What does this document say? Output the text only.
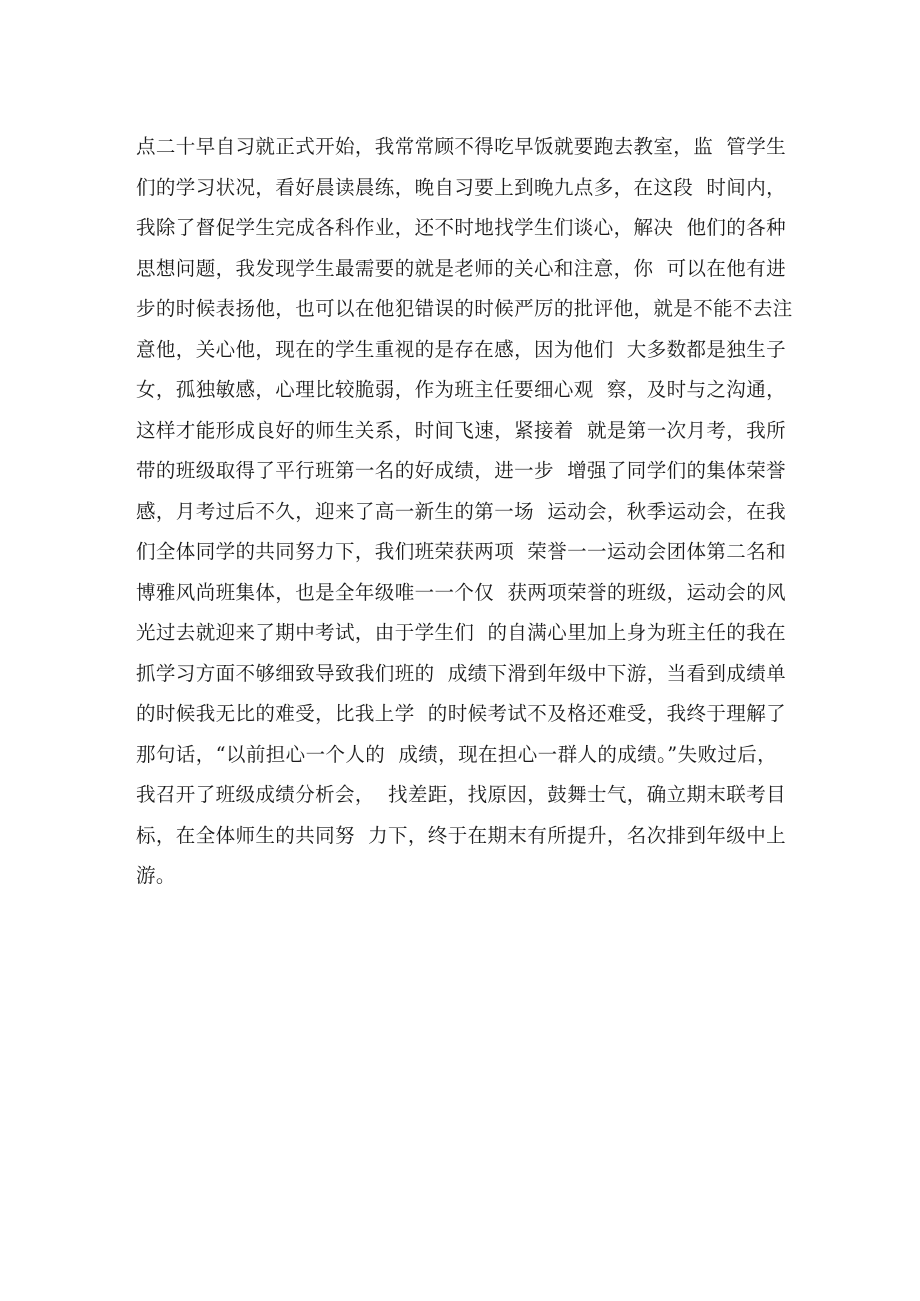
点二十早自习就正式开始，我常常顾不得吃早饭就要跑去教室，监  管学生
们的学习状况，看好晨读晨练，晚自习要上到晚九点多，在这段  时间内，
我除了督促学生完成各科作业，还不时地找学生们谈心，解决  他们的各种
思想问题，我发现学生最需要的就是老师的关心和注意，你  可以在他有进
步的时候表扬他，也可以在他犯错误的时候严厉的批评他，就是不能不去注
意他，关心他，现在的学生重视的是存在感，因为他们  大多数都是独生子
女，孤独敏感，心理比较脆弱，作为班主任要细心观  察，及时与之沟通，
这样才能形成良好的师生关系，时间飞速，紧接着  就是第一次月考，我所
带的班级取得了平行班第一名的好成绩，进一步  增强了同学们的集体荣誉
感，月考过后不久，迎来了高一新生的第一场  运动会，秋季运动会，在我
们全体同学的共同努力下，我们班荣获两项  荣誉一一运动会团体第二名和
博雅风尚班集体，也是全年级唯一一个仅  获两项荣誉的班级，运动会的风
光过去就迎来了期中考试，由于学生们  的自满心里加上身为班主任的我在
抓学习方面不够细致导致我们班的  成绩下滑到年级中下游，当看到成绩单
的时候我无比的难受，比我上学  的时候考试不及格还难受，我终于理解了
那句话，“以前担心一个人的  成绩，现在担心一群人的成绩。”失败过后，
我召开了班级成绩分析会，  找差距，找原因，鼓舞士气，确立期末联考目
标，在全体师生的共同努  力下，终于在期末有所提升，名次排到年级中上
游。
